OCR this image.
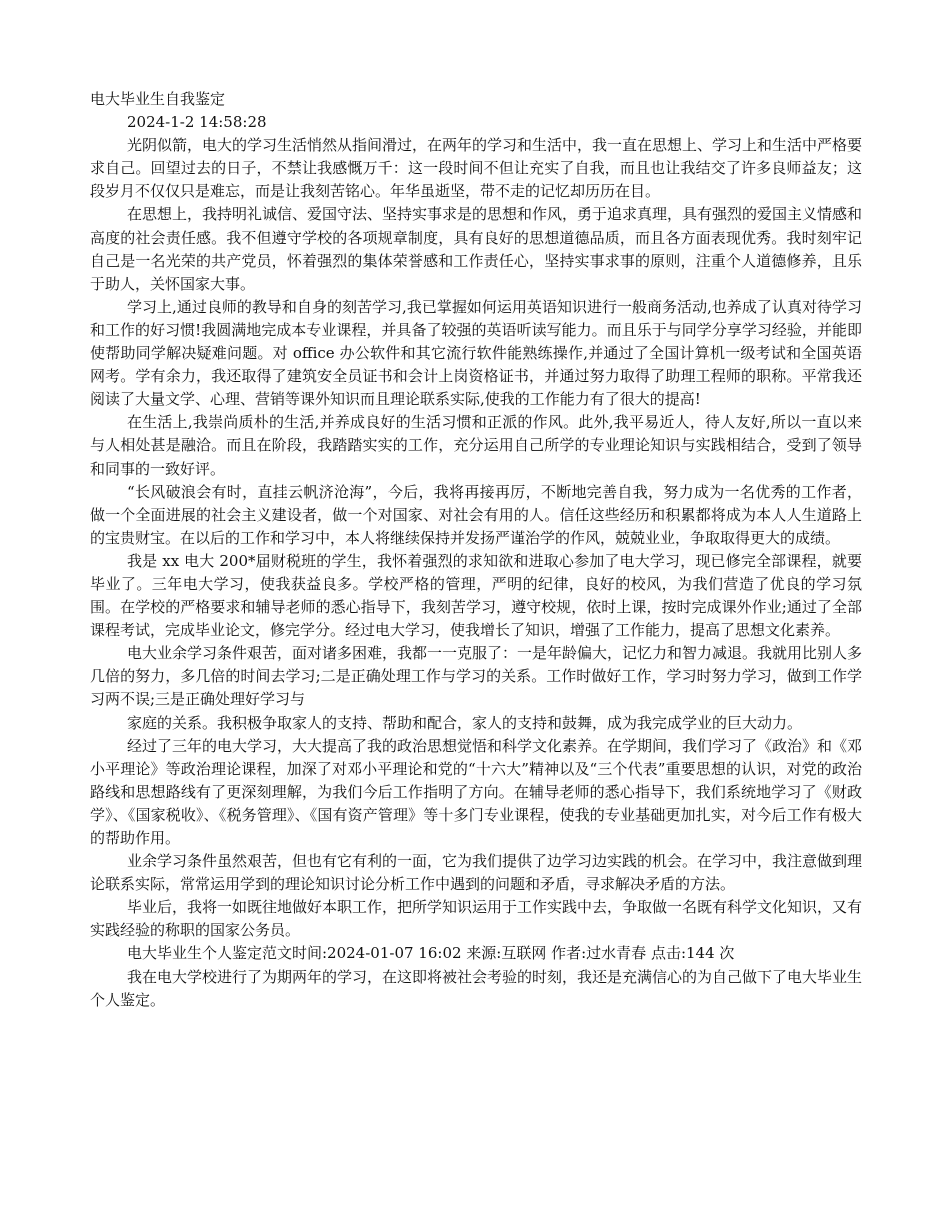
电大毕业生自我鉴定

2024-1-2 14:58:28

光阴似箭，电大的学习生活悄然从指间滑过，在两年的学习和生活中，我一直在思想上、学习上和生活中严格要求自己。回望过去的日子，不禁让我感慨万千：这一段时间不但让充实了自我，而且也让我结交了许多良师益友；这段岁月不仅仅只是难忘，而是让我刻苦铭心。年华虽逝坚，带不走的记忆却历历在目。

在思想上，我持明礼诚信、爱国守法、坚持实事求是的思想和作风，勇于追求真理，具有强烈的爱国主义情感和高度的社会责任感。我不但遵守学校的各项规章制度，具有良好的思想道德品质，而且各方面表现优秀。我时刻牢记自己是一名光荣的共产党员，怀着强烈的集体荣誉感和工作责任心，坚持实事求事的原则，注重个人道德修养，且乐于助人，关怀国家大事。

学习上,通过良师的教导和自身的刻苦学习,我已掌握如何运用英语知识进行一般商务活动,也养成了认真对待学习和工作的好习惯!我圆满地完成本专业课程，并具备了较强的英语听读写能力。而且乐于与同学分享学习经验，并能即使帮助同学解决疑难问题。对 office 办公软件和其它流行软件能熟练操作,并通过了全国计算机一级考试和全国英语网考。学有余力，我还取得了建筑安全员证书和会计上岗资格证书，并通过努力取得了助理工程师的职称。平常我还阅读了大量文学、心理、营销等课外知识而且理论联系实际,使我的工作能力有了很大的提高!

在生活上,我崇尚质朴的生活,并养成良好的生活习惯和正派的作风。此外,我平易近人，待人友好,所以一直以来与人相处甚是融洽。而且在阶段，我踏踏实实的工作，充分运用自己所学的专业理论知识与实践相结合，受到了领导和同事的一致好评。

“长风破浪会有时，直挂云帆济沧海”，今后，我将再接再厉，不断地完善自我，努力成为一名优秀的工作者，做一个全面进展的社会主义建设者，做一个对国家、对社会有用的人。信任这些经历和积累都将成为本人人生道路上的宝贵财宝。在以后的工作和学习中，本人将继续保持并发扬严谨治学的作风，兢兢业业，争取取得更大的成绩。

我是 xx 电大 200*届财税班的学生，我怀着强烈的求知欲和进取心参加了电大学习，现已修完全部课程，就要毕业了。三年电大学习，使我获益良多。学校严格的管理，严明的纪律，良好的校风，为我们营造了优良的学习氛围。在学校的严格要求和辅导老师的悉心指导下，我刻苦学习，遵守校规，依时上课，按时完成课外作业;通过了全部课程考试，完成毕业论文，修完学分。经过电大学习，使我增长了知识，增强了工作能力，提高了思想文化素养。

电大业余学习条件艰苦，面对诸多困难，我都一一克服了：一是年龄偏大，记忆力和智力减退。我就用比别人多几倍的努力，多几倍的时间去学习;二是正确处理工作与学习的关系。工作时做好工作，学习时努力学习，做到工作学习两不误;三是正确处理好学习与

家庭的关系。我积极争取家人的支持、帮助和配合，家人的支持和鼓舞，成为我完成学业的巨大动力。

经过了三年的电大学习，大大提高了我的政治思想觉悟和科学文化素养。在学期间，我们学习了《政治》和《邓小平理论》等政治理论课程，加深了对邓小平理论和党的“十六大”精神以及“三个代表”重要思想的认识，对党的政治路线和思想路线有了更深刻理解，为我们今后工作指明了方向。在辅导老师的悉心指导下，我们系统地学习了《财政学》、《国家税收》、《税务管理》、《国有资产管理》等十多门专业课程，使我的专业基础更加扎实，对今后工作有极大的帮助作用。

业余学习条件虽然艰苦，但也有它有利的一面，它为我们提供了边学习边实践的机会。在学习中，我注意做到理论联系实际，常常运用学到的理论知识讨论分析工作中遇到的问题和矛盾，寻求解决矛盾的方法。

毕业后，我将一如既往地做好本职工作，把所学知识运用于工作实践中去，争取做一名既有科学文化知识，又有实践经验的称职的国家公务员。

电大毕业生个人鉴定范文时间:2024-01-07 16:02 来源:互联网 作者:过水青春 点击:144 次

我在电大学校进行了为期两年的学习，在这即将被社会考验的时刻，我还是充满信心的为自己做下了电大毕业生个人鉴定。
